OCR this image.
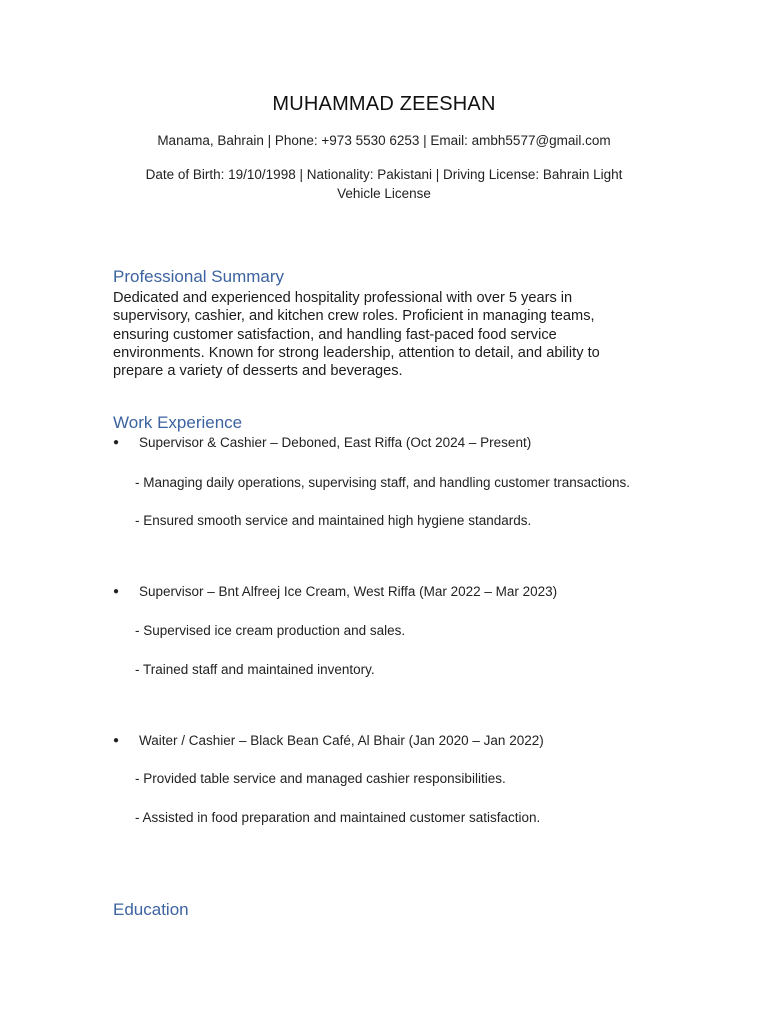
MUHAMMAD ZEESHAN
Manama, Bahrain | Phone: +973 5530 6253 | Email: ambh5577@gmail.com
Date of Birth: 19/10/1998 | Nationality: Pakistani | Driving License: Bahrain Light Vehicle License
Professional Summary
Dedicated and experienced hospitality professional with over 5 years in supervisory, cashier, and kitchen crew roles. Proficient in managing teams, ensuring customer satisfaction, and handling fast-paced food service environments. Known for strong leadership, attention to detail, and ability to prepare a variety of desserts and beverages.
Work Experience
●	Supervisor & Cashier – Deboned, East Riffa (Oct 2024 – Present)
- Managing daily operations, supervising staff, and handling customer transactions.
- Ensured smooth service and maintained high hygiene standards.
●	Supervisor – Bnt Alfreej Ice Cream, West Riffa (Mar 2022 – Mar 2023)
- Supervised ice cream production and sales.
- Trained staff and maintained inventory.
●	Waiter / Cashier – Black Bean Café, Al Bhair (Jan 2020 – Jan 2022)
- Provided table service and managed cashier responsibilities.
- Assisted in food preparation and maintained customer satisfaction.
Education
